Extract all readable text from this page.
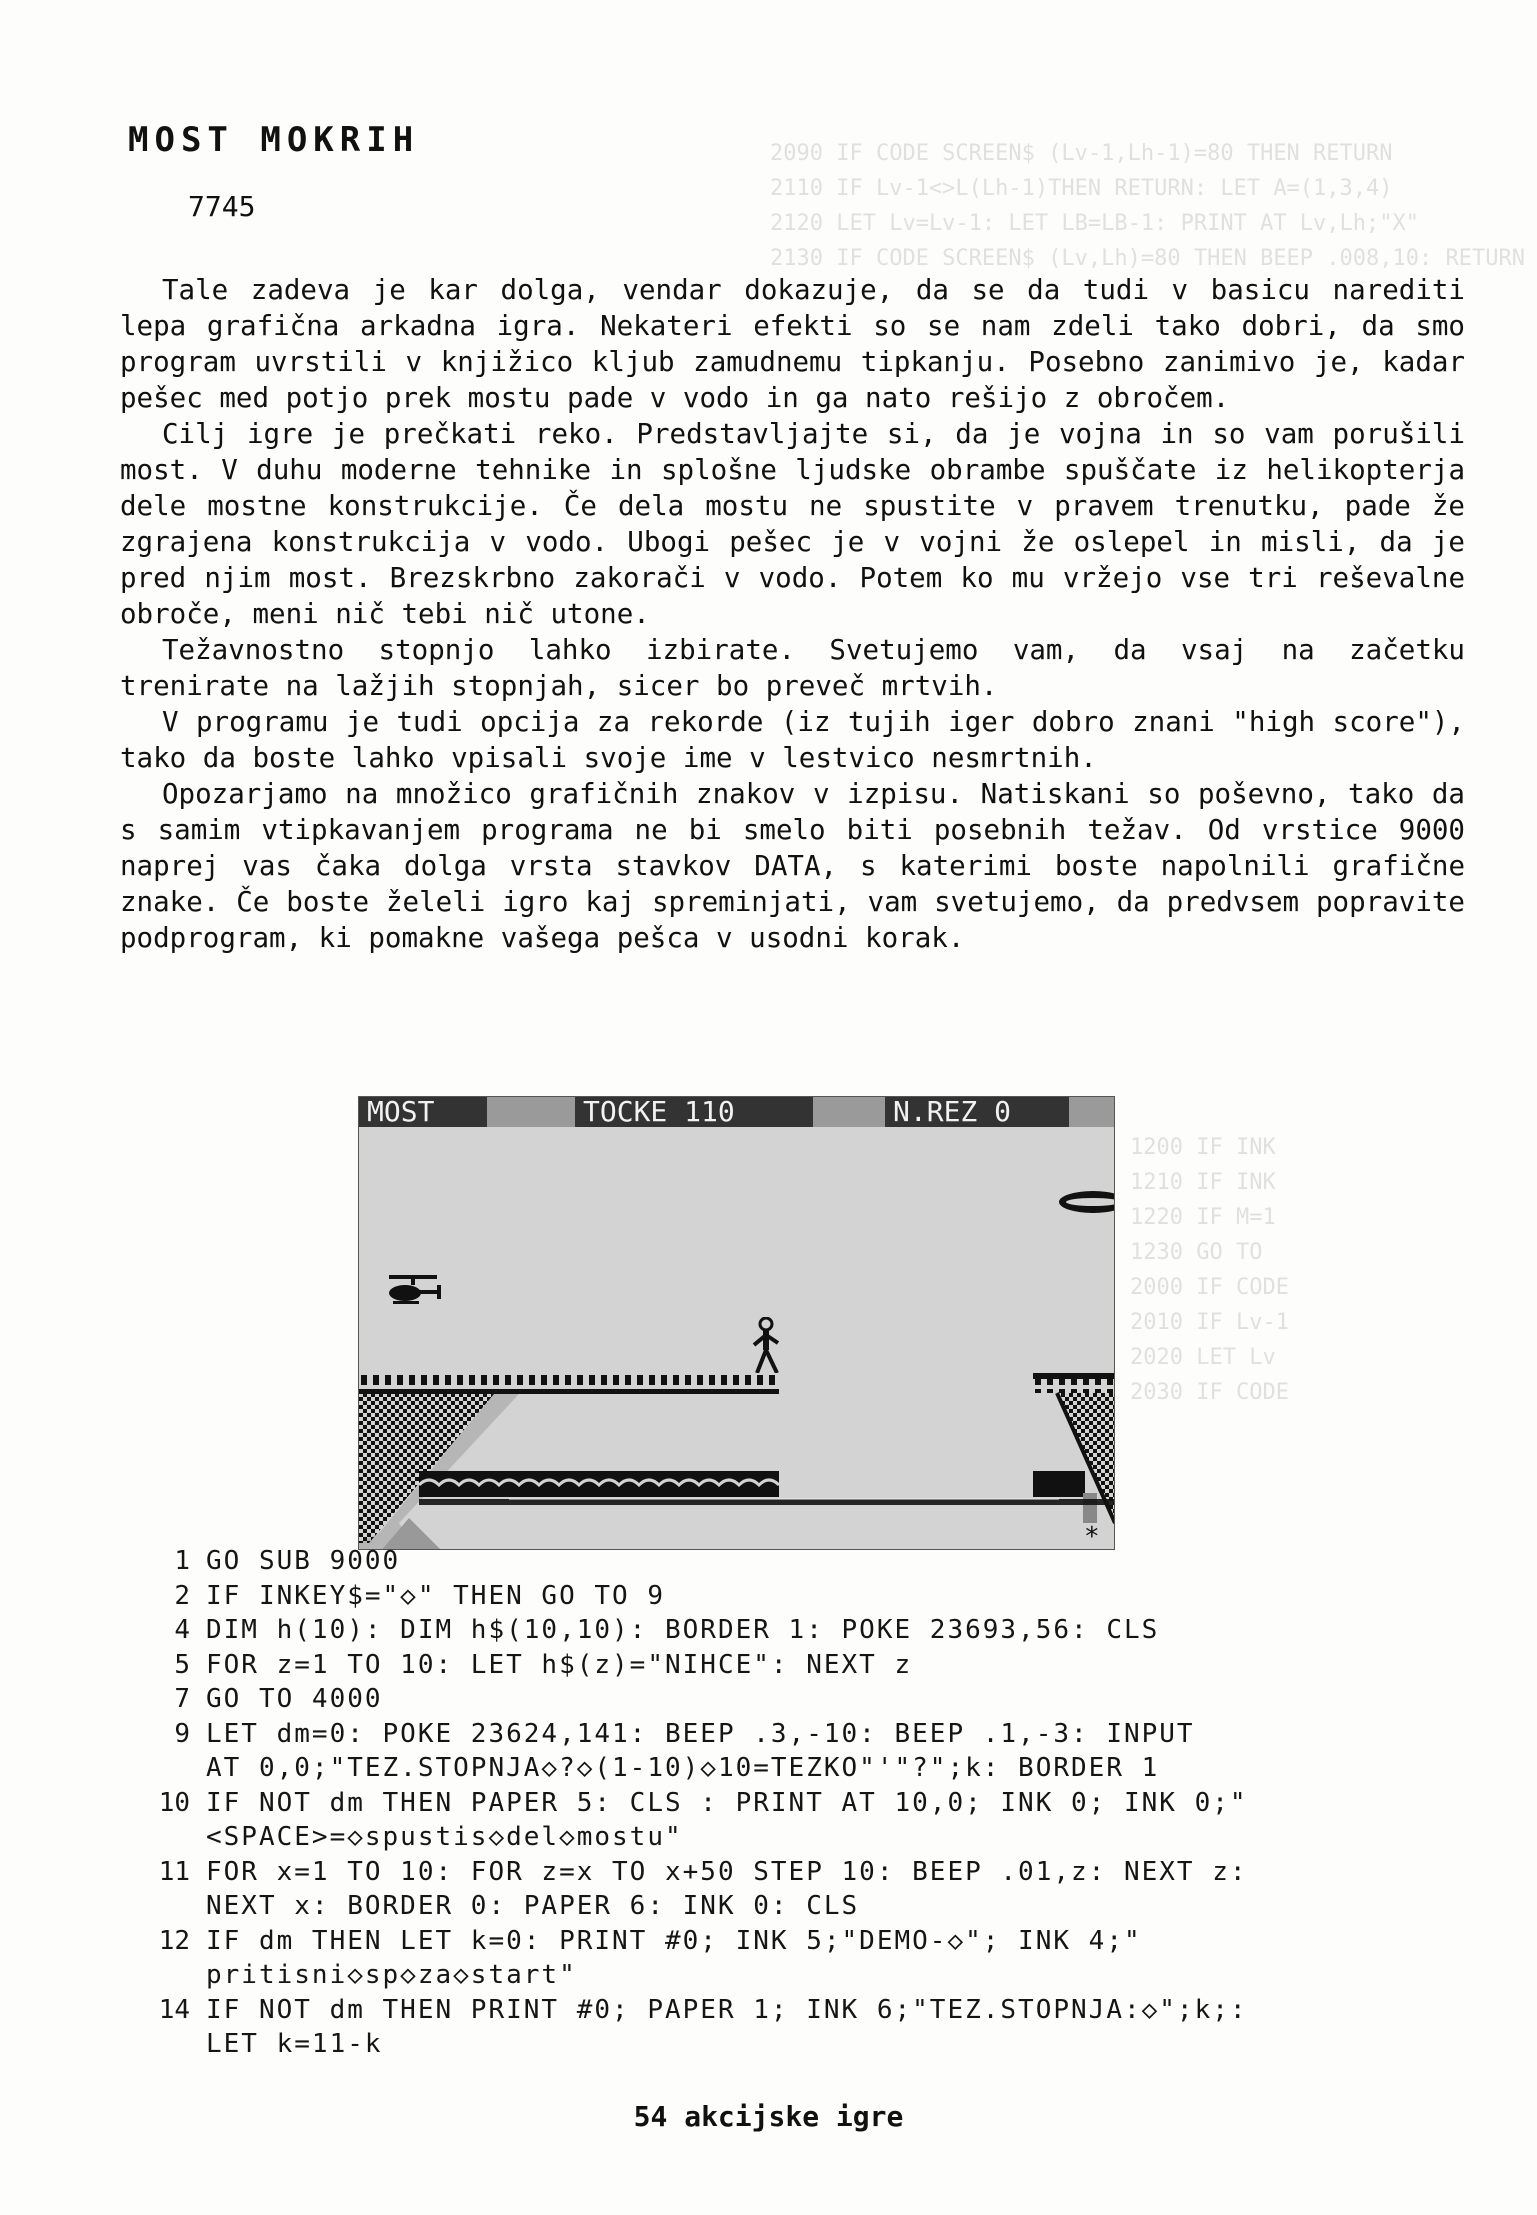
2090 IF CODE SCREEN$ (Lv-1,Lh-1)=80 THEN RETURN
2110 IF Lv-1<>L(Lh-1)THEN RETURN: LET A=(1,3,4)
2120 LET Lv=Lv-1: LET LB=LB-1: PRINT AT Lv,Lh;"X"
2130 IF CODE SCREEN$ (Lv,Lh)=80 THEN BEEP .008,10: RETURN
1200 IF INK
1210 IF INK
1220 IF M=1
1230 GO TO
2000 IF CODE
2010 IF Lv-1
2020 LET Lv
2030 IF CODE
MOST MOKRIH
7745

Tale zadeva je kar dolga, vendar dokazuje, da se da tudi v basicu narediti lepa grafična arkadna igra. Nekateri efekti so se nam zdeli tako dobri, da smo program uvrstili v knjižico kljub zamudnemu tipkanju. Posebno zanimivo je, kadar pešec med potjo prek mostu pade v vodo in ga nato rešijo z obročem.

Cilj igre je prečkati reko. Predstavljajte si, da je vojna in so vam porušili most. V duhu moderne tehnike in splošne ljudske obrambe spuščate iz helikopterja dele mostne konstrukcije. Če dela mostu ne spustite v pravem trenutku, pade že zgrajena konstrukcija v vodo. Ubogi pešec je v vojni že oslepel in misli, da je pred njim most. Brezskrbno zakorači v vodo. Potem ko mu vržejo vse tri reševalne obroče, meni nič tebi nič utone.

Težavnostno stopnjo lahko izbirate. Svetujemo vam, da vsaj na začetku trenirate na lažjih stopnjah, sicer bo preveč mrtvih.

V programu je tudi opcija za rekorde (iz tujih iger dobro znani "high score"), tako da boste lahko vpisali svoje ime v lestvico nesmrtnih.

Opozarjamo na množico grafičnih znakov v izpisu. Natiskani so poševno, tako da s samim vtipkavanjem programa ne bi smelo biti posebnih težav. Od vrstice 9000 naprej vas čaka dolga vrsta stavkov DATA, s katerimi boste napolnili grafične znake. Če boste želeli igro kaj spreminjati, vam svetujemo, da predvsem popravite podprogram, ki pomakne vašega pešca v usodni korak.

MOST	TOCKE 110	N.REZ 0
*
1 GO SUB 9000
2 IF INKEY$="◇" THEN GO TO 9
4 DIM h(10): DIM h$(10,10): BORDER 1: POKE 23693,56: CLS
5 FOR z=1 TO 10: LET h$(z)="NIHCE": NEXT z
7 GO TO 4000
9 LET dm=0: POKE 23624,141: BEEP .3,-10: BEEP .1,-3: INPUT
AT 0,0;"TEZ.STOPNJA◇?◇(1-10)◇10=TEZKO"'"?";k: BORDER 1
10 IF NOT dm THEN PAPER 5: CLS : PRINT AT 10,0; INK 0; INK 0;"
<SPACE>=◇spustis◇del◇mostu"
11 FOR x=1 TO 10: FOR z=x TO x+50 STEP 10: BEEP .01,z: NEXT z:
NEXT x: BORDER 0: PAPER 6: INK 0: CLS
12 IF dm THEN LET k=0: PRINT #0; INK 5;"DEMO-◇"; INK 4;"
pritisni◇sp◇za◇start"
14 IF NOT dm THEN PRINT #0; PAPER 1; INK 6;"TEZ.STOPNJA:◇";k;:
LET k=11-k
54 akcijske igre
